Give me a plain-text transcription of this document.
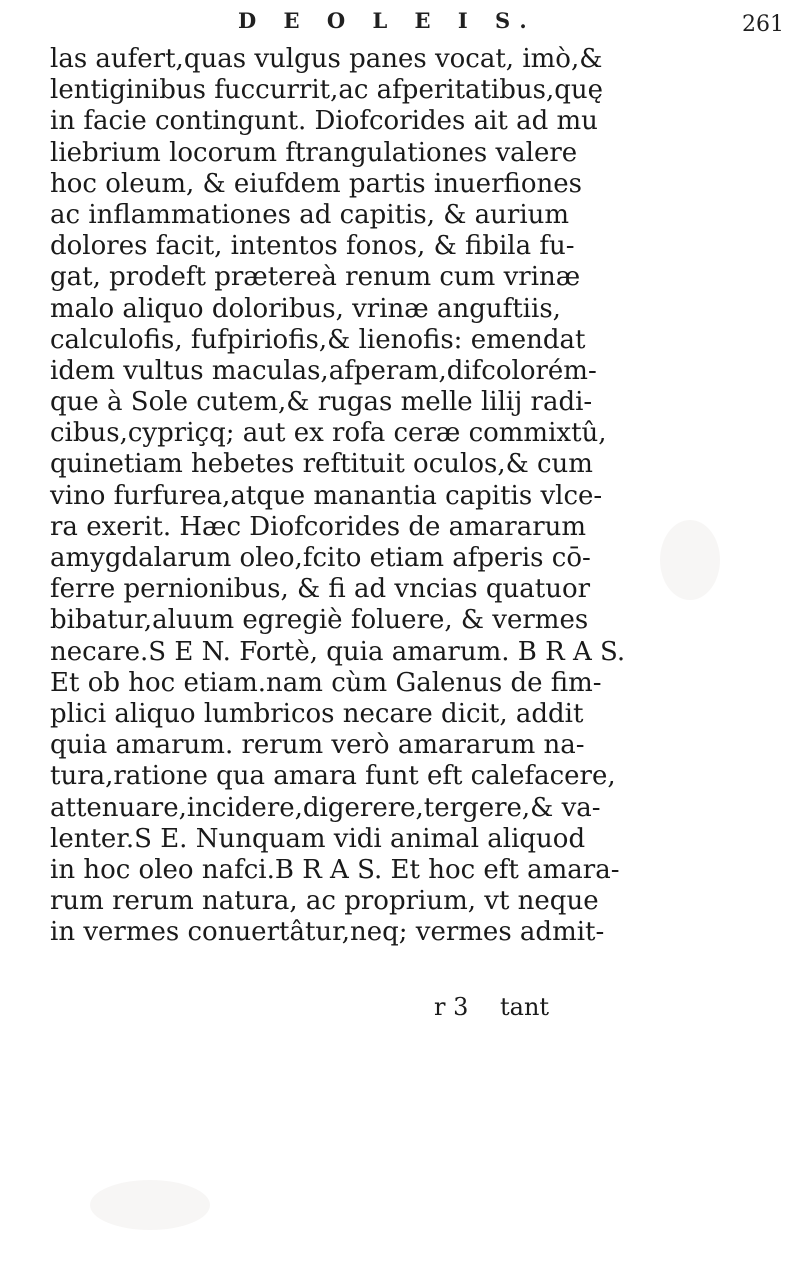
D E O L E I S.	261
las aufert,quas vulgus panes vocat, imò,&
lentiginibus fuccurrit,ac afperitatibus,quę
in facie contingunt. Diofcorides ait ad mu
liebrium locorum ftrangulationes valere
hoc oleum, & eiufdem partis inuerfiones
ac inflammationes ad capitis, & aurium
dolores facit, intentos fonos, & fibila fu-
gat, prodeft prætereà renum cum vrinæ
malo aliquo doloribus, vrinæ anguftiis,
calculofis, fufpiriofis,& lienofis: emendat
idem vultus maculas,afperam,difcolorém-
que à Sole cutem,& rugas melle lilij radi-
cibus,cypriçq; aut ex rofa ceræ commixtû,
quinetiam hebetes reftituit oculos,& cum
vino furfurea,atque manantia capitis vlce-
ra exerit. Hæc Diofcorides de amararum
amygdalarum oleo,fcito etiam afperis cō-
ferre pernionibus, & fi ad vncias quatuor
bibatur,aluum egregiè foluere, & vermes
necare.S E N. Fortè, quia amarum. B R A S.
Et ob hoc etiam.nam cùm Galenus de fim-
plici aliquo lumbricos necare dicit, addit
quia amarum. rerum verò amararum na-
tura,ratione qua amara funt eft calefacere,
attenuare,incidere,digerere,tergere,& va-
lenter.S E. Nunquam vidi animal aliquod
in hoc oleo nafci.B R A S. Et hoc eft amara-
rum rerum natura, ac proprium, vt neque
in vermes conuertâtur,neq; vermes admit-
r 3 tant
